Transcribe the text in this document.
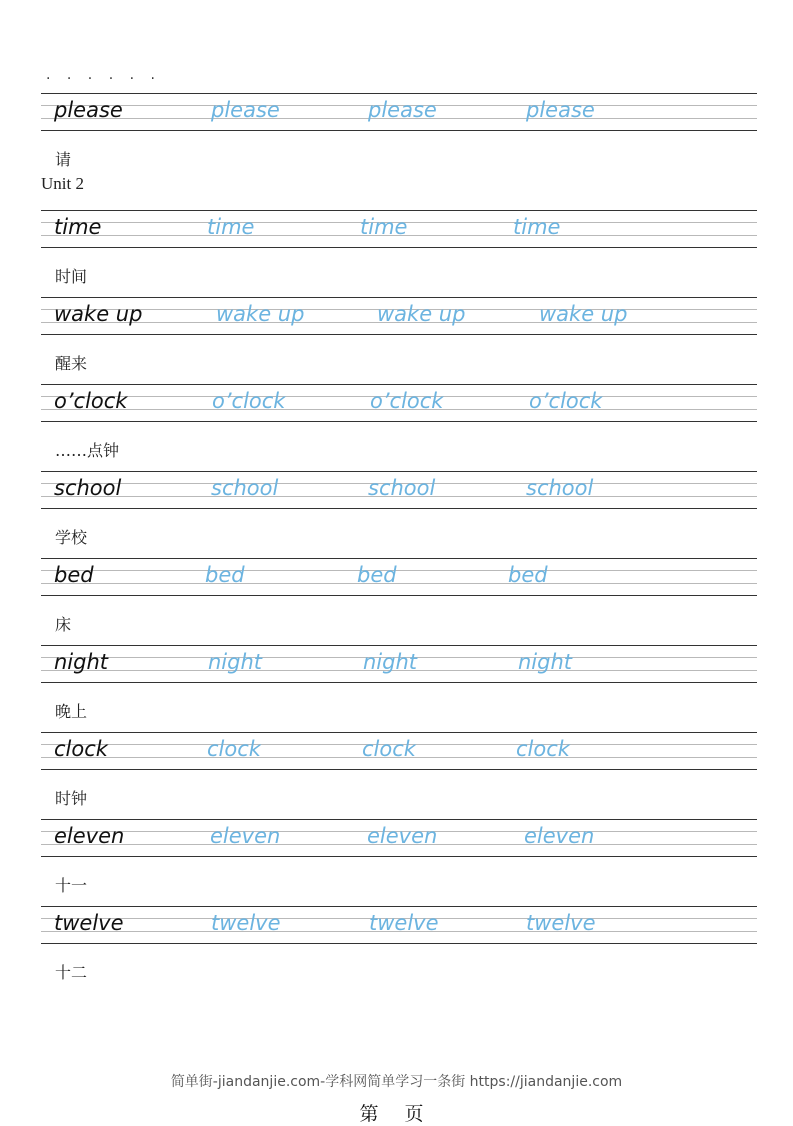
· · · · · ·
please	please	please	please
请
Unit 2
time	time	time	time
时间
wake up	wake up	wake up	wake up
醒来
o’clock	o’clock	o’clock	o’clock
……点钟
school	school	school	school
学校
bed	bed	bed	bed
床
night	night	night	night
晚上
clock	clock	clock	clock
时钟
eleven	eleven	eleven	eleven
十一
twelve	twelve	twelve	twelve
十二
简单街-jiandanjie.com-学科网简单学习一条街 https://jiandanjie.com
第 页
